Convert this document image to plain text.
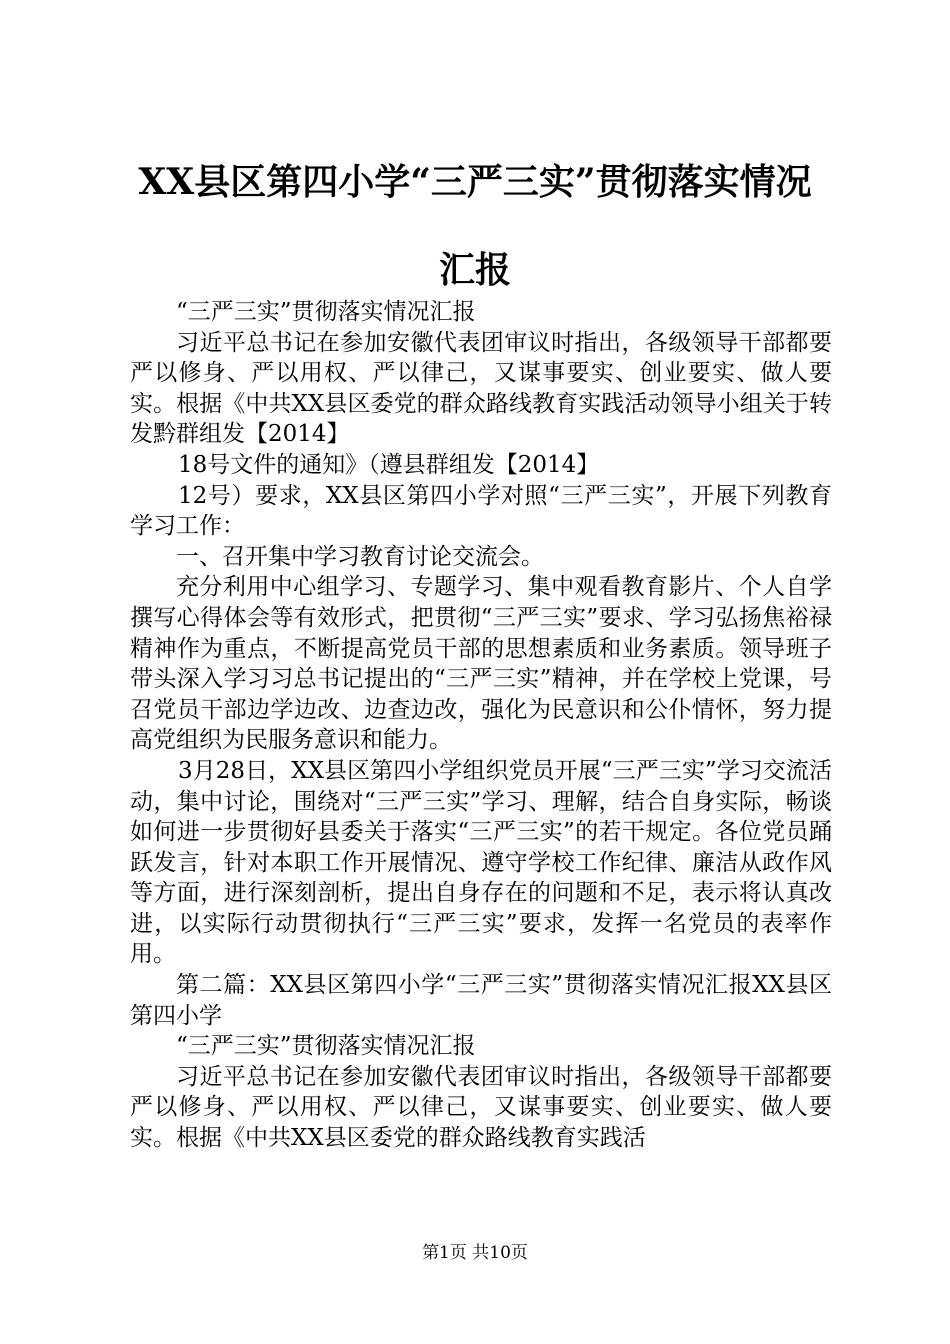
XX县区第四小学“三严三实”贯彻落实情况
汇报

“三严三实”贯彻落实情况汇报

习近平总书记在参加安徽代表团审议时指出，各级领导干部都要严以修身、严以用权、严以律己，又谋事要实、创业要实、做人要实。根据《中共XX县区委党的群众路线教育实践活动领导小组关于转发黔群组发【2014】

18号文件的通知》（遵县群组发【2014】

12号）要求，XX县区第四小学对照“三严三实”，开展下列教育学习工作：

一、召开集中学习教育讨论交流会。

充分利用中心组学习、专题学习、集中观看教育影片、个人自学撰写心得体会等有效形式，把贯彻“三严三实”要求、学习弘扬焦裕禄精神作为重点，不断提高党员干部的思想素质和业务素质。领导班子带头深入学习习总书记提出的“三严三实”精神，并在学校上党课，号召党员干部边学边改、边查边改，强化为民意识和公仆情怀，努力提高党组织为民服务意识和能力。

3月28日，XX县区第四小学组织党员开展“三严三实”学习交流活动，集中讨论，围绕对“三严三实”学习、理解，结合自身实际，畅谈如何进一步贯彻好县委关于落实“三严三实”的若干规定。各位党员踊跃发言，针对本职工作开展情况、遵守学校工作纪律、廉洁从政作风等方面，进行深刻剖析，提出自身存在的问题和不足，表示将认真改进，以实际行动贯彻执行“三严三实”要求，发挥一名党员的表率作用。

第二篇：XX县区第四小学“三严三实”贯彻落实情况汇报XX县区第四小学

“三严三实”贯彻落实情况汇报

习近平总书记在参加安徽代表团审议时指出，各级领导干部都要严以修身、严以用权、严以律己，又谋事要实、创业要实、做人要实。根据《中共XX县区委党的群众路线教育实践活

第1页 共10页
